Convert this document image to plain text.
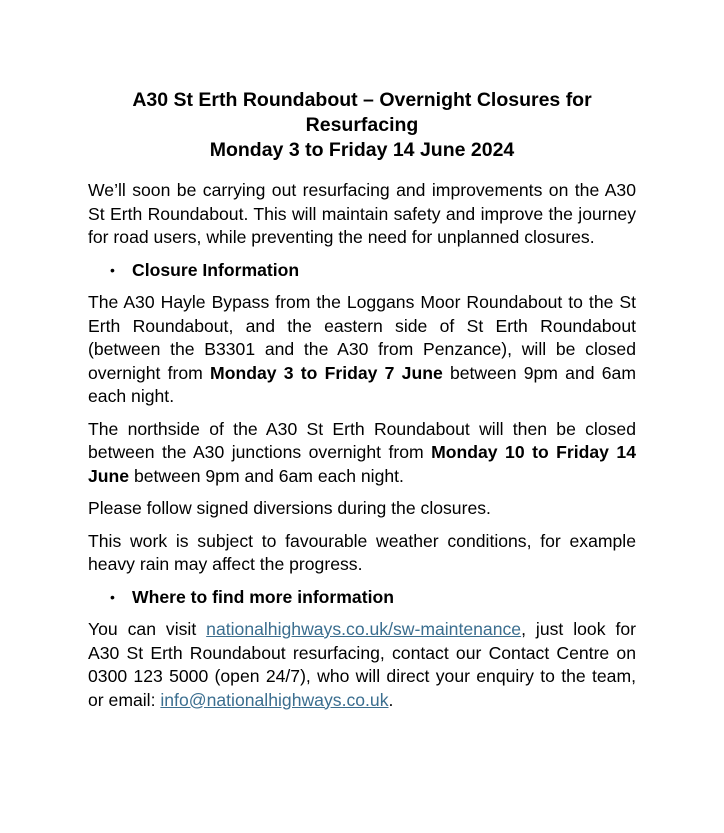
A30 St Erth Roundabout – Overnight Closures for
Resurfacing
Monday 3 to Friday 14 June 2024

We’ll soon be carrying out resurfacing and improvements on the A30 St Erth Roundabout. This will maintain safety and improve the journey for road users, while preventing the need for unplanned closures.

• Closure Information

The A30 Hayle Bypass from the Loggans Moor Roundabout to the St Erth Roundabout, and the eastern side of St Erth Roundabout (between the B3301 and the A30 from Penzance), will be closed overnight from Monday 3 to Friday 7 June between 9pm and 6am each night.

The northside of the A30 St Erth Roundabout will then be closed between the A30 junctions overnight from Monday 10 to Friday 14 June between 9pm and 6am each night.

Please follow signed diversions during the closures.

This work is subject to favourable weather conditions, for example heavy rain may affect the progress.

• Where to find more information

You can visit nationalhighways.co.uk/sw-maintenance, just look for A30 St Erth Roundabout resurfacing, contact our Contact Centre on 0300 123 5000 (open 24/7), who will direct your enquiry to the team, or email: info@nationalhighways.co.uk.
